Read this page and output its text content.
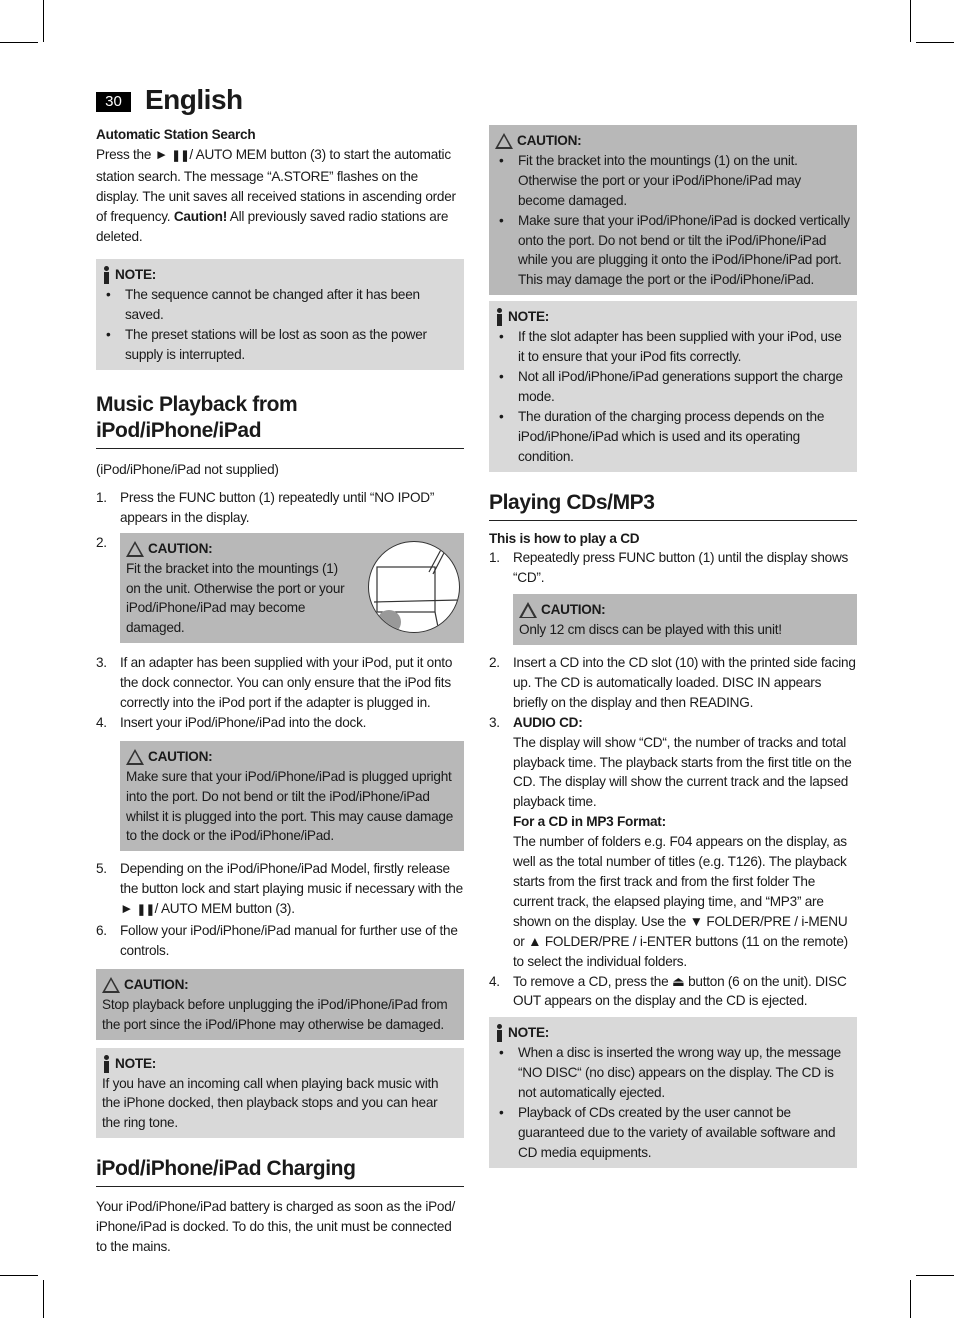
30 English

Automatic Station Search

Press the ► ❚❚/ AUTO MEM button (3) to start the automatic station search. The message “A.STORE” flashes on the display. The unit saves all received stations in ascending order of frequency. Caution! All previously saved radio stations are deleted.

NOTE:
• The sequence cannot be changed after it has been saved.
• The preset stations will be lost as soon as the power supply is interrupted.
Music Playback from iPod/iPhone/iPad

(iPod/iPhone/iPad not supplied)

1. Press the FUNC button (1) repeatedly until “NO IPOD” appears in the display.
2.	CAUTION:

Fit the bracket into the mountings (1) on the unit. Otherwise the port or your iPod/iPhone/iPad may become damaged.

3. If an adapter has been supplied with your iPod, put it onto the dock connector. You can only ensure that the iPod fits correctly into the iPod port if the adapter is plugged in.
4. Insert your iPod/iPhone/iPad into the dock.
CAUTION:

Make sure that your iPod/iPhone/iPad is plugged upright into the port. Do not bend or tilt the iPod/iPhone/iPad whilst it is plugged into the port. This may cause damage to the dock or the iPod/iPhone/iPad.

5. Depending on the iPod/iPhone/iPad Model, firstly release the button lock and start playing music if necessary with the ► ❚❚/ AUTO MEM button (3).
6. Follow your iPod/iPhone/iPad manual for further use of the controls.
CAUTION:

Stop playback before unplugging the iPod/iPhone/iPad from the port since the iPod/iPhone may otherwise be damaged.

NOTE:

If you have an incoming call when playing back music with the iPhone docked, then playback stops and you can hear the ring tone.

iPod/iPhone/iPad Charging

Your iPod/iPhone/iPad battery is charged as soon as the iPod/ iPhone/iPad is docked. To do this, the unit must be connected to the mains.

CAUTION:
• Fit the bracket into the mountings (1) on the unit. Otherwise the port or your iPod/iPhone/iPad may become damaged.
• Make sure that your iPod/iPhone/iPad is docked vertically onto the port. Do not bend or tilt the iPod/iPhone/iPad while you are plugging it onto the iPod/iPhone/iPad port. This may damage the port or the iPod/iPhone/iPad.
NOTE:
• If the slot adapter has been supplied with your iPod, use it to ensure that your iPod fits correctly.
• Not all iPod/iPhone/iPad generations support the charge mode.
• The duration of the charging process depends on the iPod/iPhone/iPad which is used and its operating condition.
Playing CDs/MP3

This is how to play a CD

1. Repeatedly press FUNC button (1) until the display shows “CD”.
CAUTION:

Only 12 cm discs can be played with this unit!

2. Insert a CD into the CD slot (10) with the printed side facing up. The CD is automatically loaded. DISC IN appears briefly on the display and then READING.
3. AUDIO CD:

The display will show “CD“, the number of tracks and total playback time. The playback starts from the first title on the CD. The display will show the current track and the lapsed playback time.

For a CD in MP3 Format:

The number of folders e.g. F04 appears on the display, as well as the total number of titles (e.g. T126). The playback starts from the first track and from the first folder The current track, the elapsed playing time, and “MP3” are shown on the display. Use the ▼ FOLDER/PRE / i-MENU or ▲ FOLDER/PRE / i-ENTER buttons (11 on the remote) to select the individual folders.

4. To remove a CD, press the ⏏ button (6 on the unit). DISC OUT appears on the display and the CD is ejected.
NOTE:
• When a disc is inserted the wrong way up, the message “NO DISC“ (no disc) appears on the display. The CD is not automatically ejected.
• Playback of CDs created by the user cannot be guaranteed due to the variety of available software and CD media equipments.
